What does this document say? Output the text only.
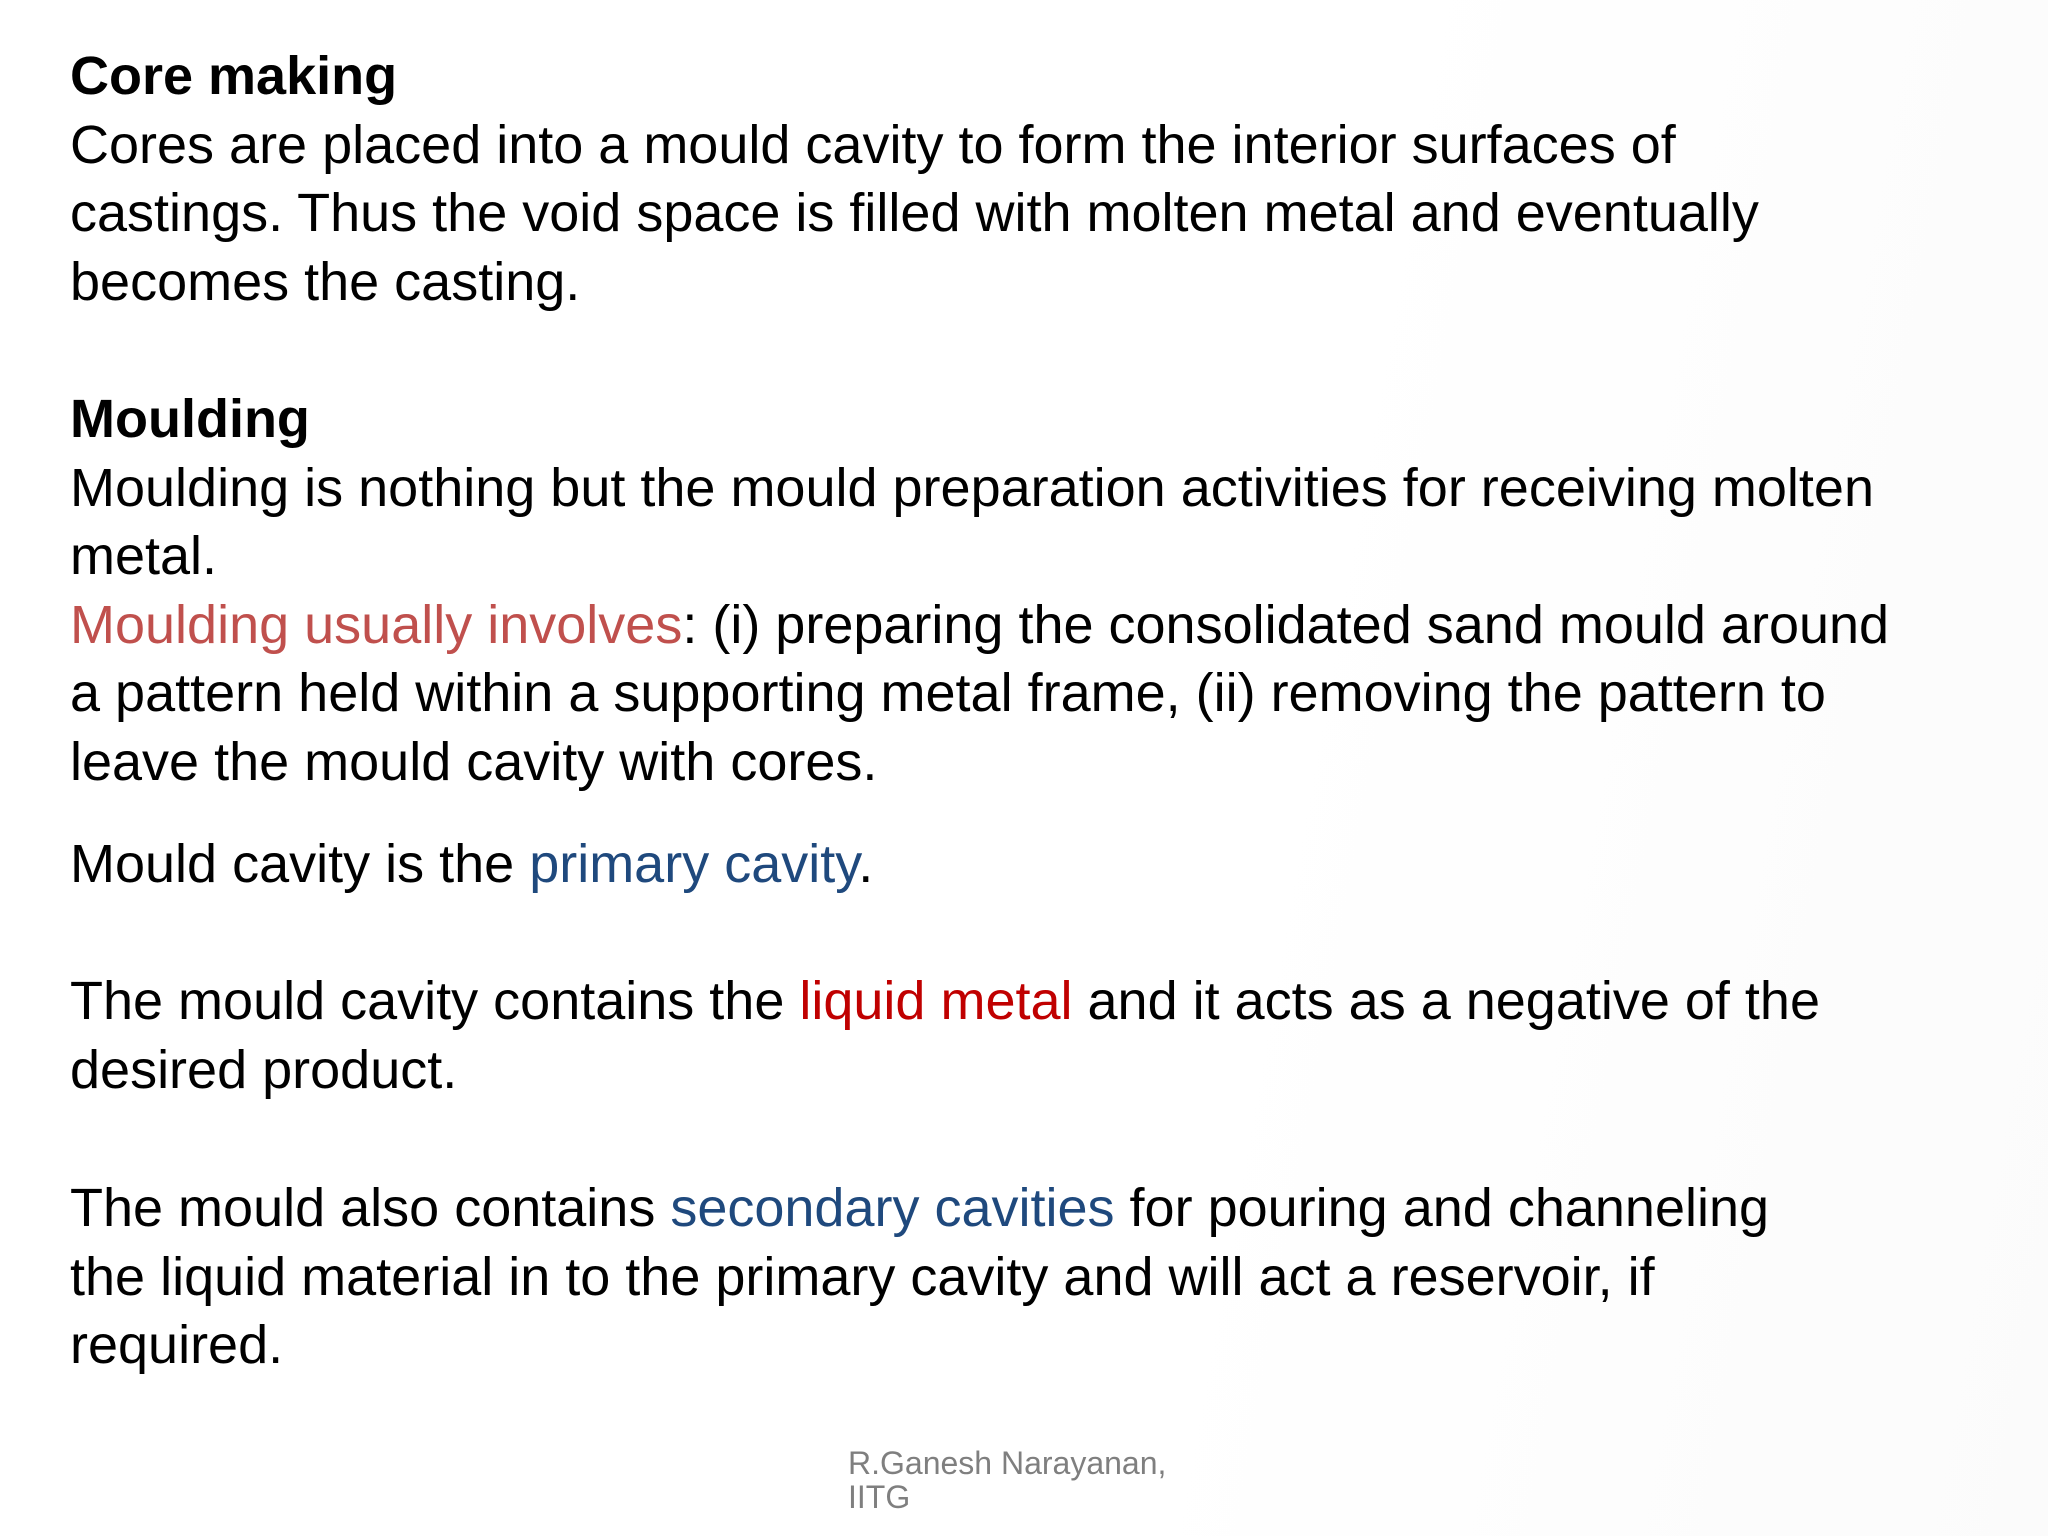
Core making
Cores are placed into a mould cavity to form the interior surfaces of
castings. Thus the void space is filled with molten metal and eventually
becomes the casting.
Moulding
Moulding is nothing but the mould preparation activities for receiving molten
metal.
Moulding usually involves: (i) preparing the consolidated sand mould around
a pattern held within a supporting metal frame, (ii) removing the pattern to
leave the mould cavity with cores.
Mould cavity is the primary cavity.
The mould cavity contains the liquid metal and it acts as a negative of the
desired product.
The mould also contains secondary cavities for pouring and channeling
the liquid material in to the primary cavity and will act a reservoir, if
required.
R.Ganesh Narayanan,
IITG
